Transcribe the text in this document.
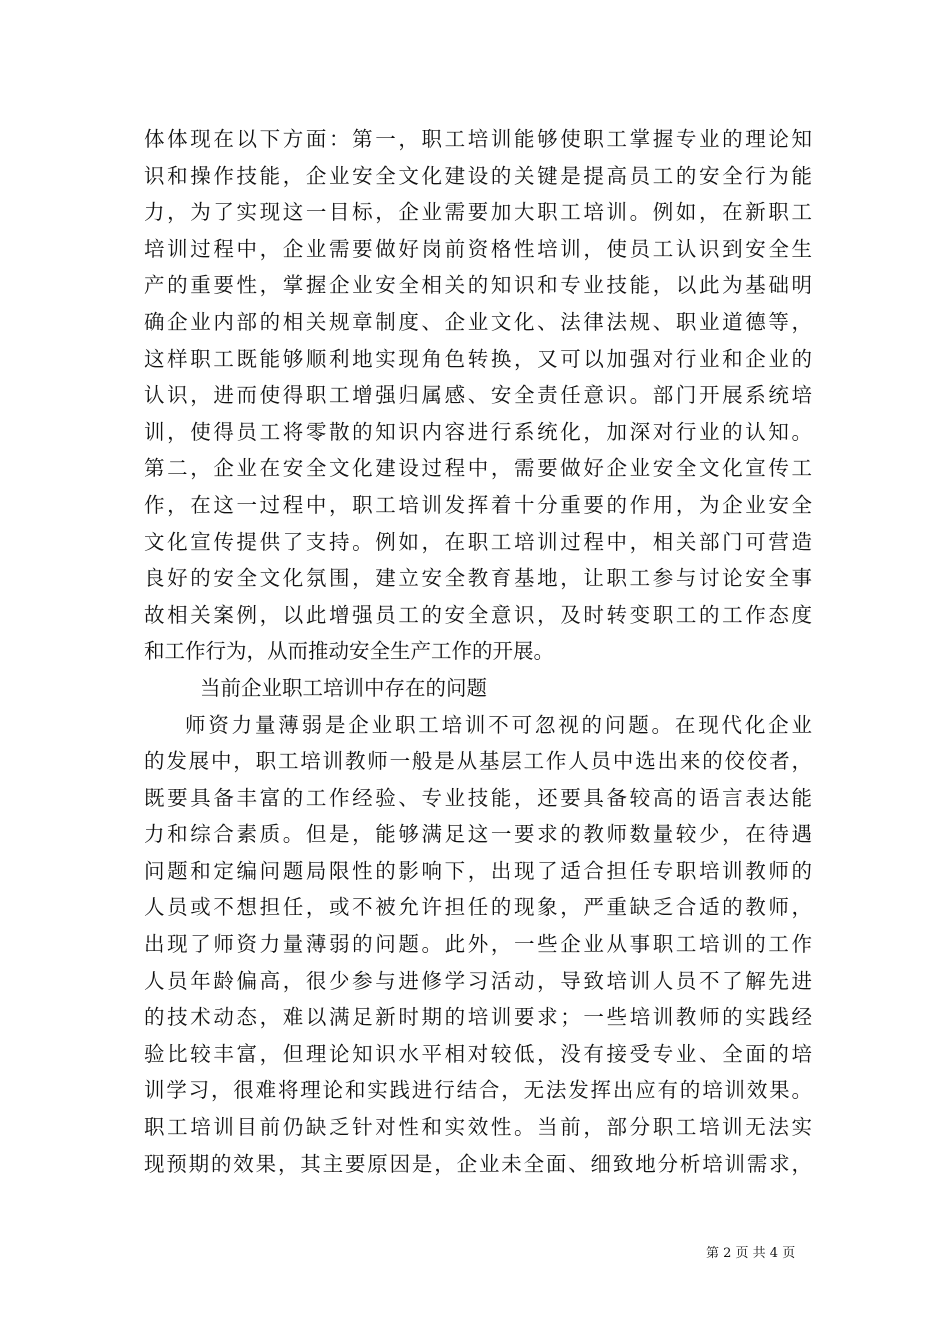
体体现在以下方面：第一，职工培训能够使职工掌握专业的理论知
识和操作技能，企业安全文化建设的关键是提高员工的安全行为能
力，为了实现这一目标，企业需要加大职工培训。例如，在新职工
培训过程中，企业需要做好岗前资格性培训，使员工认识到安全生
产的重要性，掌握企业安全相关的知识和专业技能，以此为基础明
确企业内部的相关规章制度、企业文化、法律法规、职业道德等，
这样职工既能够顺利地实现角色转换，又可以加强对行业和企业的
认识，进而使得职工增强归属感、安全责任意识。部门开展系统培
训，使得员工将零散的知识内容进行系统化，加深对行业的认知。
第二，企业在安全文化建设过程中，需要做好企业安全文化宣传工
作，在这一过程中，职工培训发挥着十分重要的作用，为企业安全
文化宣传提供了支持。例如，在职工培训过程中，相关部门可营造
良好的安全文化氛围，建立安全教育基地，让职工参与讨论安全事
故相关案例，以此增强员工的安全意识，及时转变职工的工作态度
和工作行为，从而推动安全生产工作的开展。
当前企业职工培训中存在的问题
师资力量薄弱是企业职工培训不可忽视的问题。在现代化企业
的发展中，职工培训教师一般是从基层工作人员中选出来的佼佼者，
既要具备丰富的工作经验、专业技能，还要具备较高的语言表达能
力和综合素质。但是，能够满足这一要求的教师数量较少，在待遇
问题和定编问题局限性的影响下，出现了适合担任专职培训教师的
人员或不想担任，或不被允许担任的现象，严重缺乏合适的教师，
出现了师资力量薄弱的问题。此外，一些企业从事职工培训的工作
人员年龄偏高，很少参与进修学习活动，导致培训人员不了解先进
的技术动态，难以满足新时期的培训要求；一些培训教师的实践经
验比较丰富，但理论知识水平相对较低，没有接受专业、全面的培
训学习，很难将理论和实践进行结合，无法发挥出应有的培训效果。
职工培训目前仍缺乏针对性和实效性。当前，部分职工培训无法实
现预期的效果，其主要原因是，企业未全面、细致地分析培训需求，
第 2 页 共 4 页
